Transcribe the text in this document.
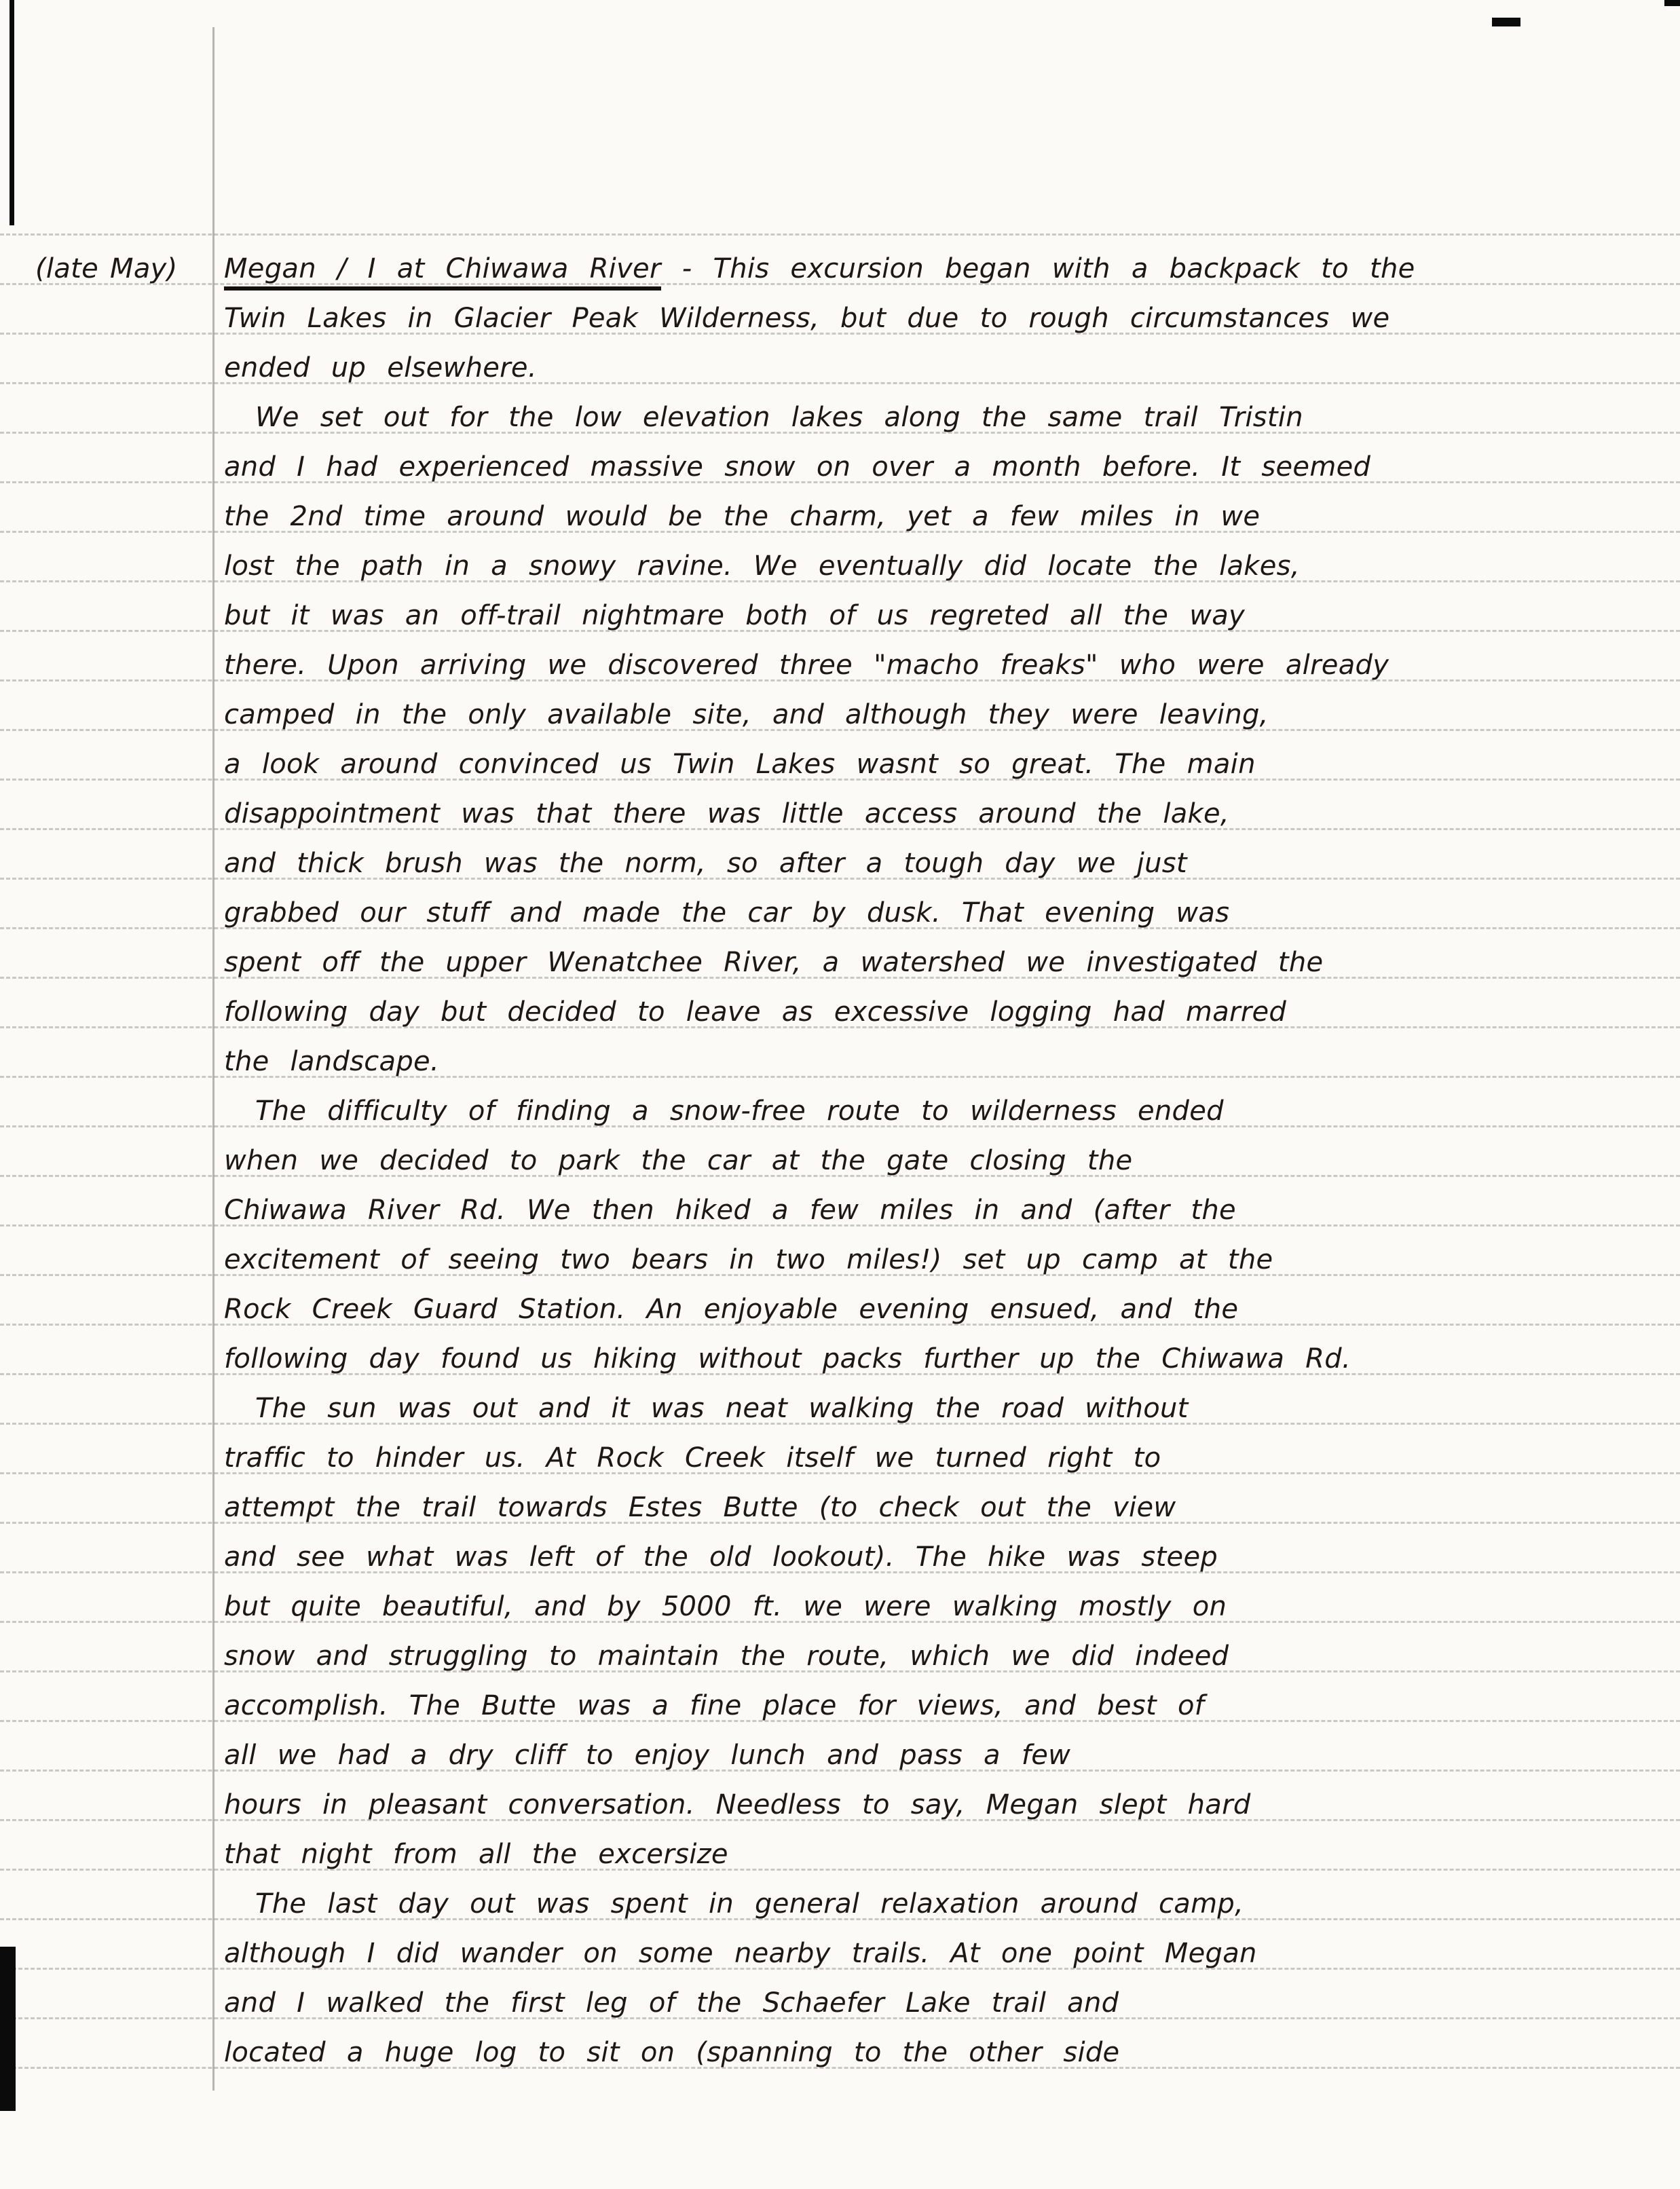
(late May) Megan / I at Chiwawa River - This excursion began with a backpack to the
Twin Lakes in Glacier Peak Wilderness, but due to rough circumstances we
ended up elsewhere.
We set out for the low elevation lakes along the same trail Tristin
and I had experienced massive snow on over a month before. It seemed
the 2nd time around would be the charm, yet a few miles in we
lost the path in a snowy ravine. We eventually did locate the lakes,
but it was an off-trail nightmare both of us regreted all the way
there. Upon arriving we discovered three "macho freaks" who were already
camped in the only available site, and although they were leaving,
a look around convinced us Twin Lakes wasnt so great. The main
disappointment was that there was little access around the lake,
and thick brush was the norm, so after a tough day we just
grabbed our stuff and made the car by dusk. That evening was
spent off the upper Wenatchee River, a watershed we investigated the
following day but decided to leave as excessive logging had marred
the landscape.
The difficulty of finding a snow-free route to wilderness ended
when we decided to park the car at the gate closing the
Chiwawa River Rd. We then hiked a few miles in and (after the
excitement of seeing two bears in two miles!) set up camp at the
Rock Creek Guard Station. An enjoyable evening ensued, and the
following day found us hiking without packs further up the Chiwawa Rd.
The sun was out and it was neat walking the road without
traffic to hinder us. At Rock Creek itself we turned right to
attempt the trail towards Estes Butte (to check out the view
and see what was left of the old lookout). The hike was steep
but quite beautiful, and by 5000 ft. we were walking mostly on
snow and struggling to maintain the route, which we did indeed
accomplish. The Butte was a fine place for views, and best of
all we had a dry cliff to enjoy lunch and pass a few
hours in pleasant conversation. Needless to say, Megan slept hard
that night from all the excersize
The last day out was spent in general relaxation around camp,
although I did wander on some nearby trails. At one point Megan
and I walked the first leg of the Schaefer Lake trail and
located a huge log to sit on (spanning to the other side
